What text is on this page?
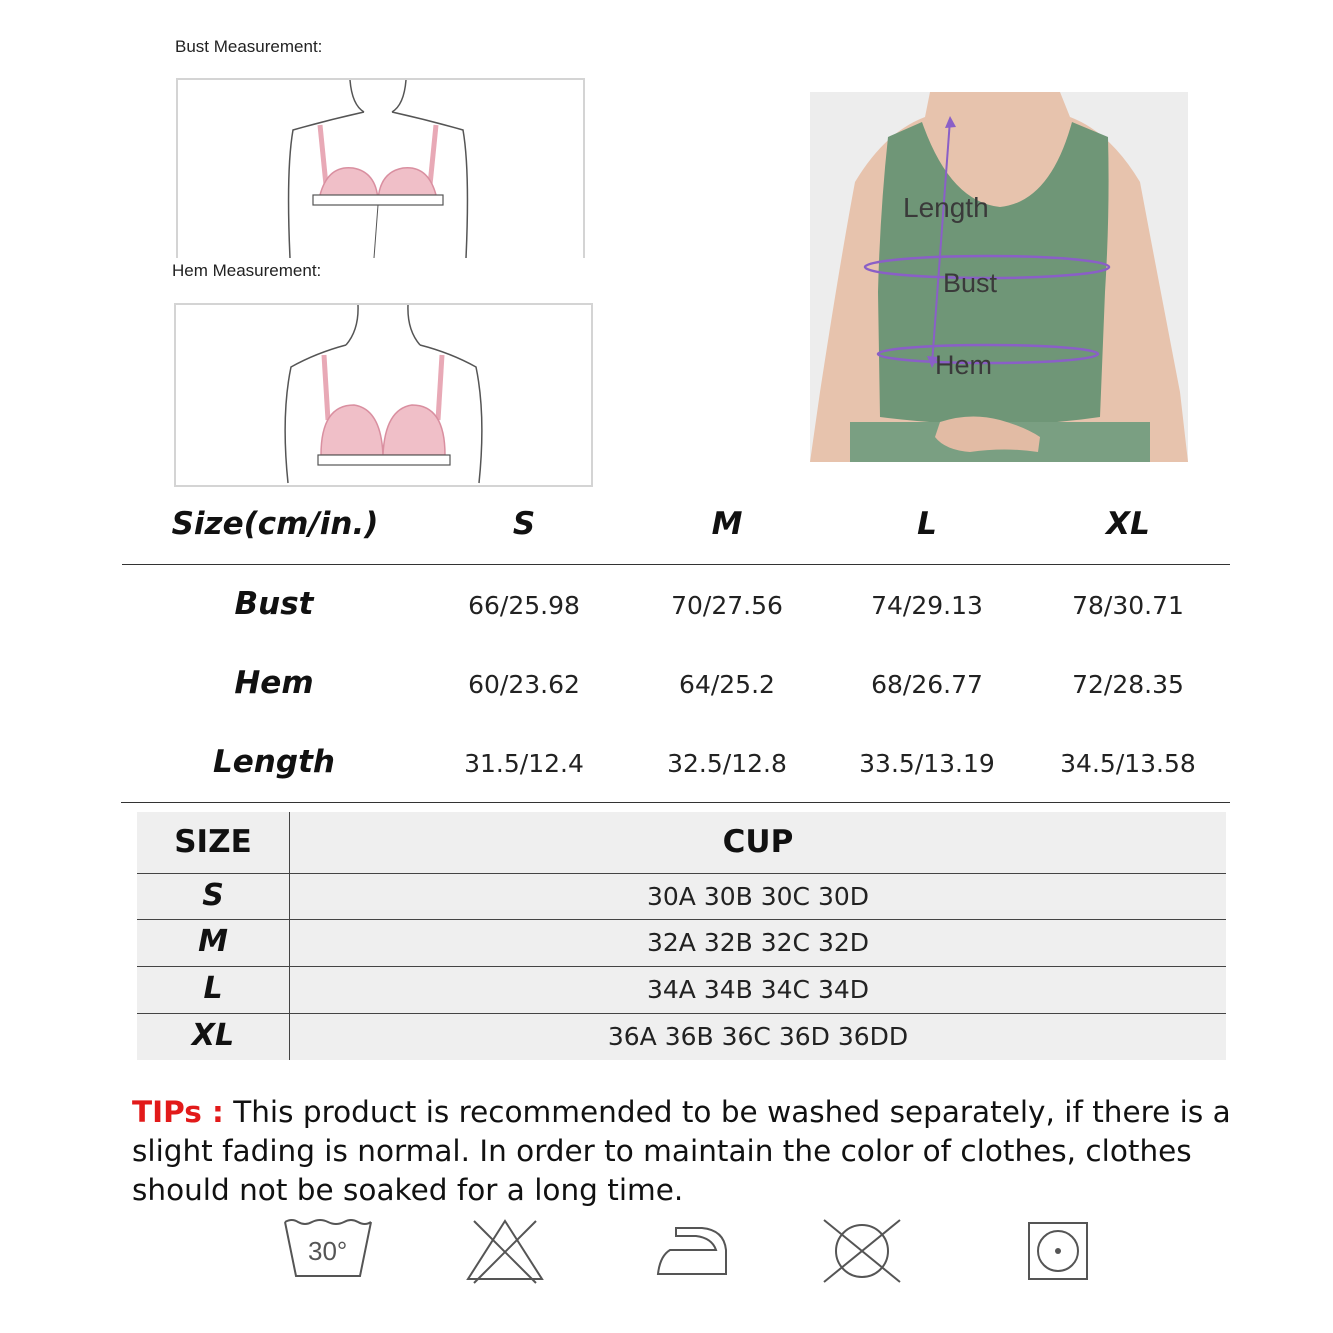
Bust Measurement:
Hem Measurement:
Length
Bust
Hem
Size(cm/in.)	S	M	L	XL
Bust	66/25.98	70/27.56	74/29.13	78/30.71
Hem	60/23.62	64/25.2	68/26.77	72/28.35
Length	31.5/12.4	32.5/12.8	33.5/13.19	34.5/13.58
SIZE	CUP
S	30A 30B 30C 30D
M	32A 32B 32C 32D
L	34A 34B 34C 34D
XL	36A 36B 36C 36D 36DD
TIPs : This product is recommended to be washed separately, if there is a
slight fading is normal. In order to maintain the color of clothes, clothes
should not be soaked for a long time.
30°
